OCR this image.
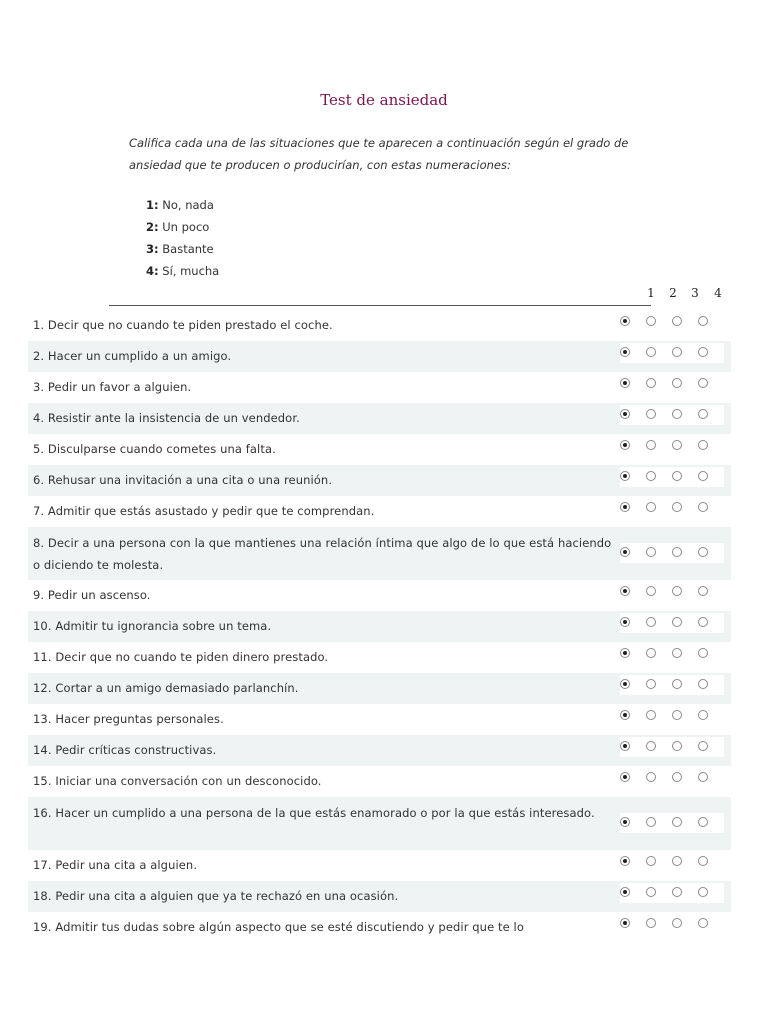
Test de ansiedad
Califica cada una de las situaciones que te aparecen a continuación según el grado de ansiedad que te producen o producirían, con estas numeraciones:
1: No, nada
2: Un poco
3: Bastante
4: Sí, mucha
1 2 3 4
1. Decir que no cuando te piden prestado el coche.
2. Hacer un cumplido a un amigo.
3. Pedir un favor a alguien.
4. Resistir ante la insistencia de un vendedor.
5. Disculparse cuando cometes una falta.
6. Rehusar una invitación a una cita o una reunión.
7. Admitir que estás asustado y pedir que te comprendan.
8. Decir a una persona con la que mantienes una relación íntima que algo de lo que está haciendo o diciendo te molesta.
9. Pedir un ascenso.
10. Admitir tu ignorancia sobre un tema.
11. Decir que no cuando te piden dinero prestado.
12. Cortar a un amigo demasiado parlanchín.
13. Hacer preguntas personales.
14. Pedir críticas constructivas.
15. Iniciar una conversación con un desconocido.
16. Hacer un cumplido a una persona de la que estás enamorado o por la que estás interesado.
17. Pedir una cita a alguien.
18. Pedir una cita a alguien que ya te rechazó en una ocasión.
19. Admitir tus dudas sobre algún aspecto que se esté discutiendo y pedir que te lo
